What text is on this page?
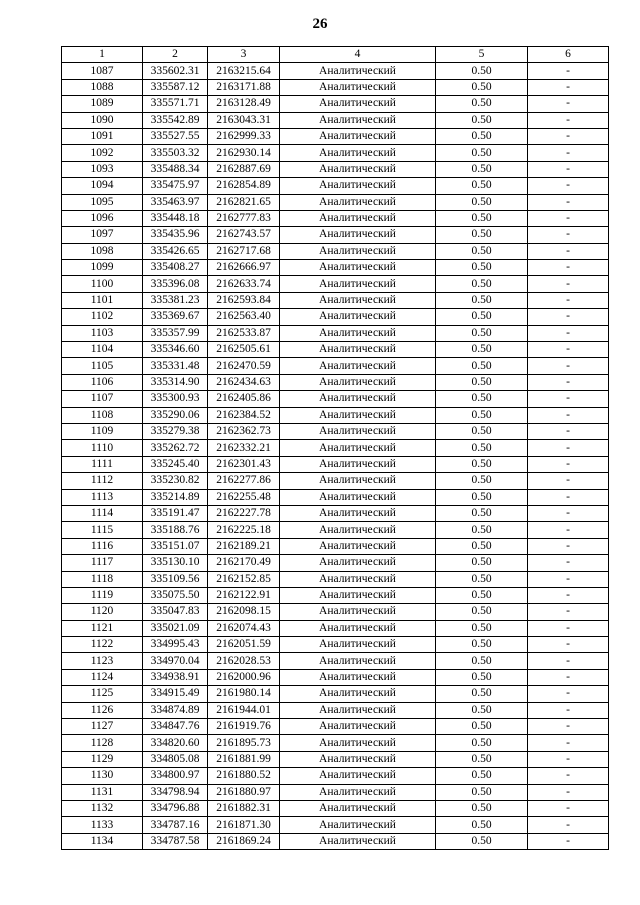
26
1	2	3	4	5	6
1087	335602.31	2163215.64	Аналитический	0.50	-
1088	335587.12	2163171.88	Аналитический	0.50	-
1089	335571.71	2163128.49	Аналитический	0.50	-
1090	335542.89	2163043.31	Аналитический	0.50	-
1091	335527.55	2162999.33	Аналитический	0.50	-
1092	335503.32	2162930.14	Аналитический	0.50	-
1093	335488.34	2162887.69	Аналитический	0.50	-
1094	335475.97	2162854.89	Аналитический	0.50	-
1095	335463.97	2162821.65	Аналитический	0.50	-
1096	335448.18	2162777.83	Аналитический	0.50	-
1097	335435.96	2162743.57	Аналитический	0.50	-
1098	335426.65	2162717.68	Аналитический	0.50	-
1099	335408.27	2162666.97	Аналитический	0.50	-
1100	335396.08	2162633.74	Аналитический	0.50	-
1101	335381.23	2162593.84	Аналитический	0.50	-
1102	335369.67	2162563.40	Аналитический	0.50	-
1103	335357.99	2162533.87	Аналитический	0.50	-
1104	335346.60	2162505.61	Аналитический	0.50	-
1105	335331.48	2162470.59	Аналитический	0.50	-
1106	335314.90	2162434.63	Аналитический	0.50	-
1107	335300.93	2162405.86	Аналитический	0.50	-
1108	335290.06	2162384.52	Аналитический	0.50	-
1109	335279.38	2162362.73	Аналитический	0.50	-
1110	335262.72	2162332.21	Аналитический	0.50	-
1111	335245.40	2162301.43	Аналитический	0.50	-
1112	335230.82	2162277.86	Аналитический	0.50	-
1113	335214.89	2162255.48	Аналитический	0.50	-
1114	335191.47	2162227.78	Аналитический	0.50	-
1115	335188.76	2162225.18	Аналитический	0.50	-
1116	335151.07	2162189.21	Аналитический	0.50	-
1117	335130.10	2162170.49	Аналитический	0.50	-
1118	335109.56	2162152.85	Аналитический	0.50	-
1119	335075.50	2162122.91	Аналитический	0.50	-
1120	335047.83	2162098.15	Аналитический	0.50	-
1121	335021.09	2162074.43	Аналитический	0.50	-
1122	334995.43	2162051.59	Аналитический	0.50	-
1123	334970.04	2162028.53	Аналитический	0.50	-
1124	334938.91	2162000.96	Аналитический	0.50	-
1125	334915.49	2161980.14	Аналитический	0.50	-
1126	334874.89	2161944.01	Аналитический	0.50	-
1127	334847.76	2161919.76	Аналитический	0.50	-
1128	334820.60	2161895.73	Аналитический	0.50	-
1129	334805.08	2161881.99	Аналитический	0.50	-
1130	334800.97	2161880.52	Аналитический	0.50	-
1131	334798.94	2161880.97	Аналитический	0.50	-
1132	334796.88	2161882.31	Аналитический	0.50	-
1133	334787.16	2161871.30	Аналитический	0.50	-
1134	334787.58	2161869.24	Аналитический	0.50	-
